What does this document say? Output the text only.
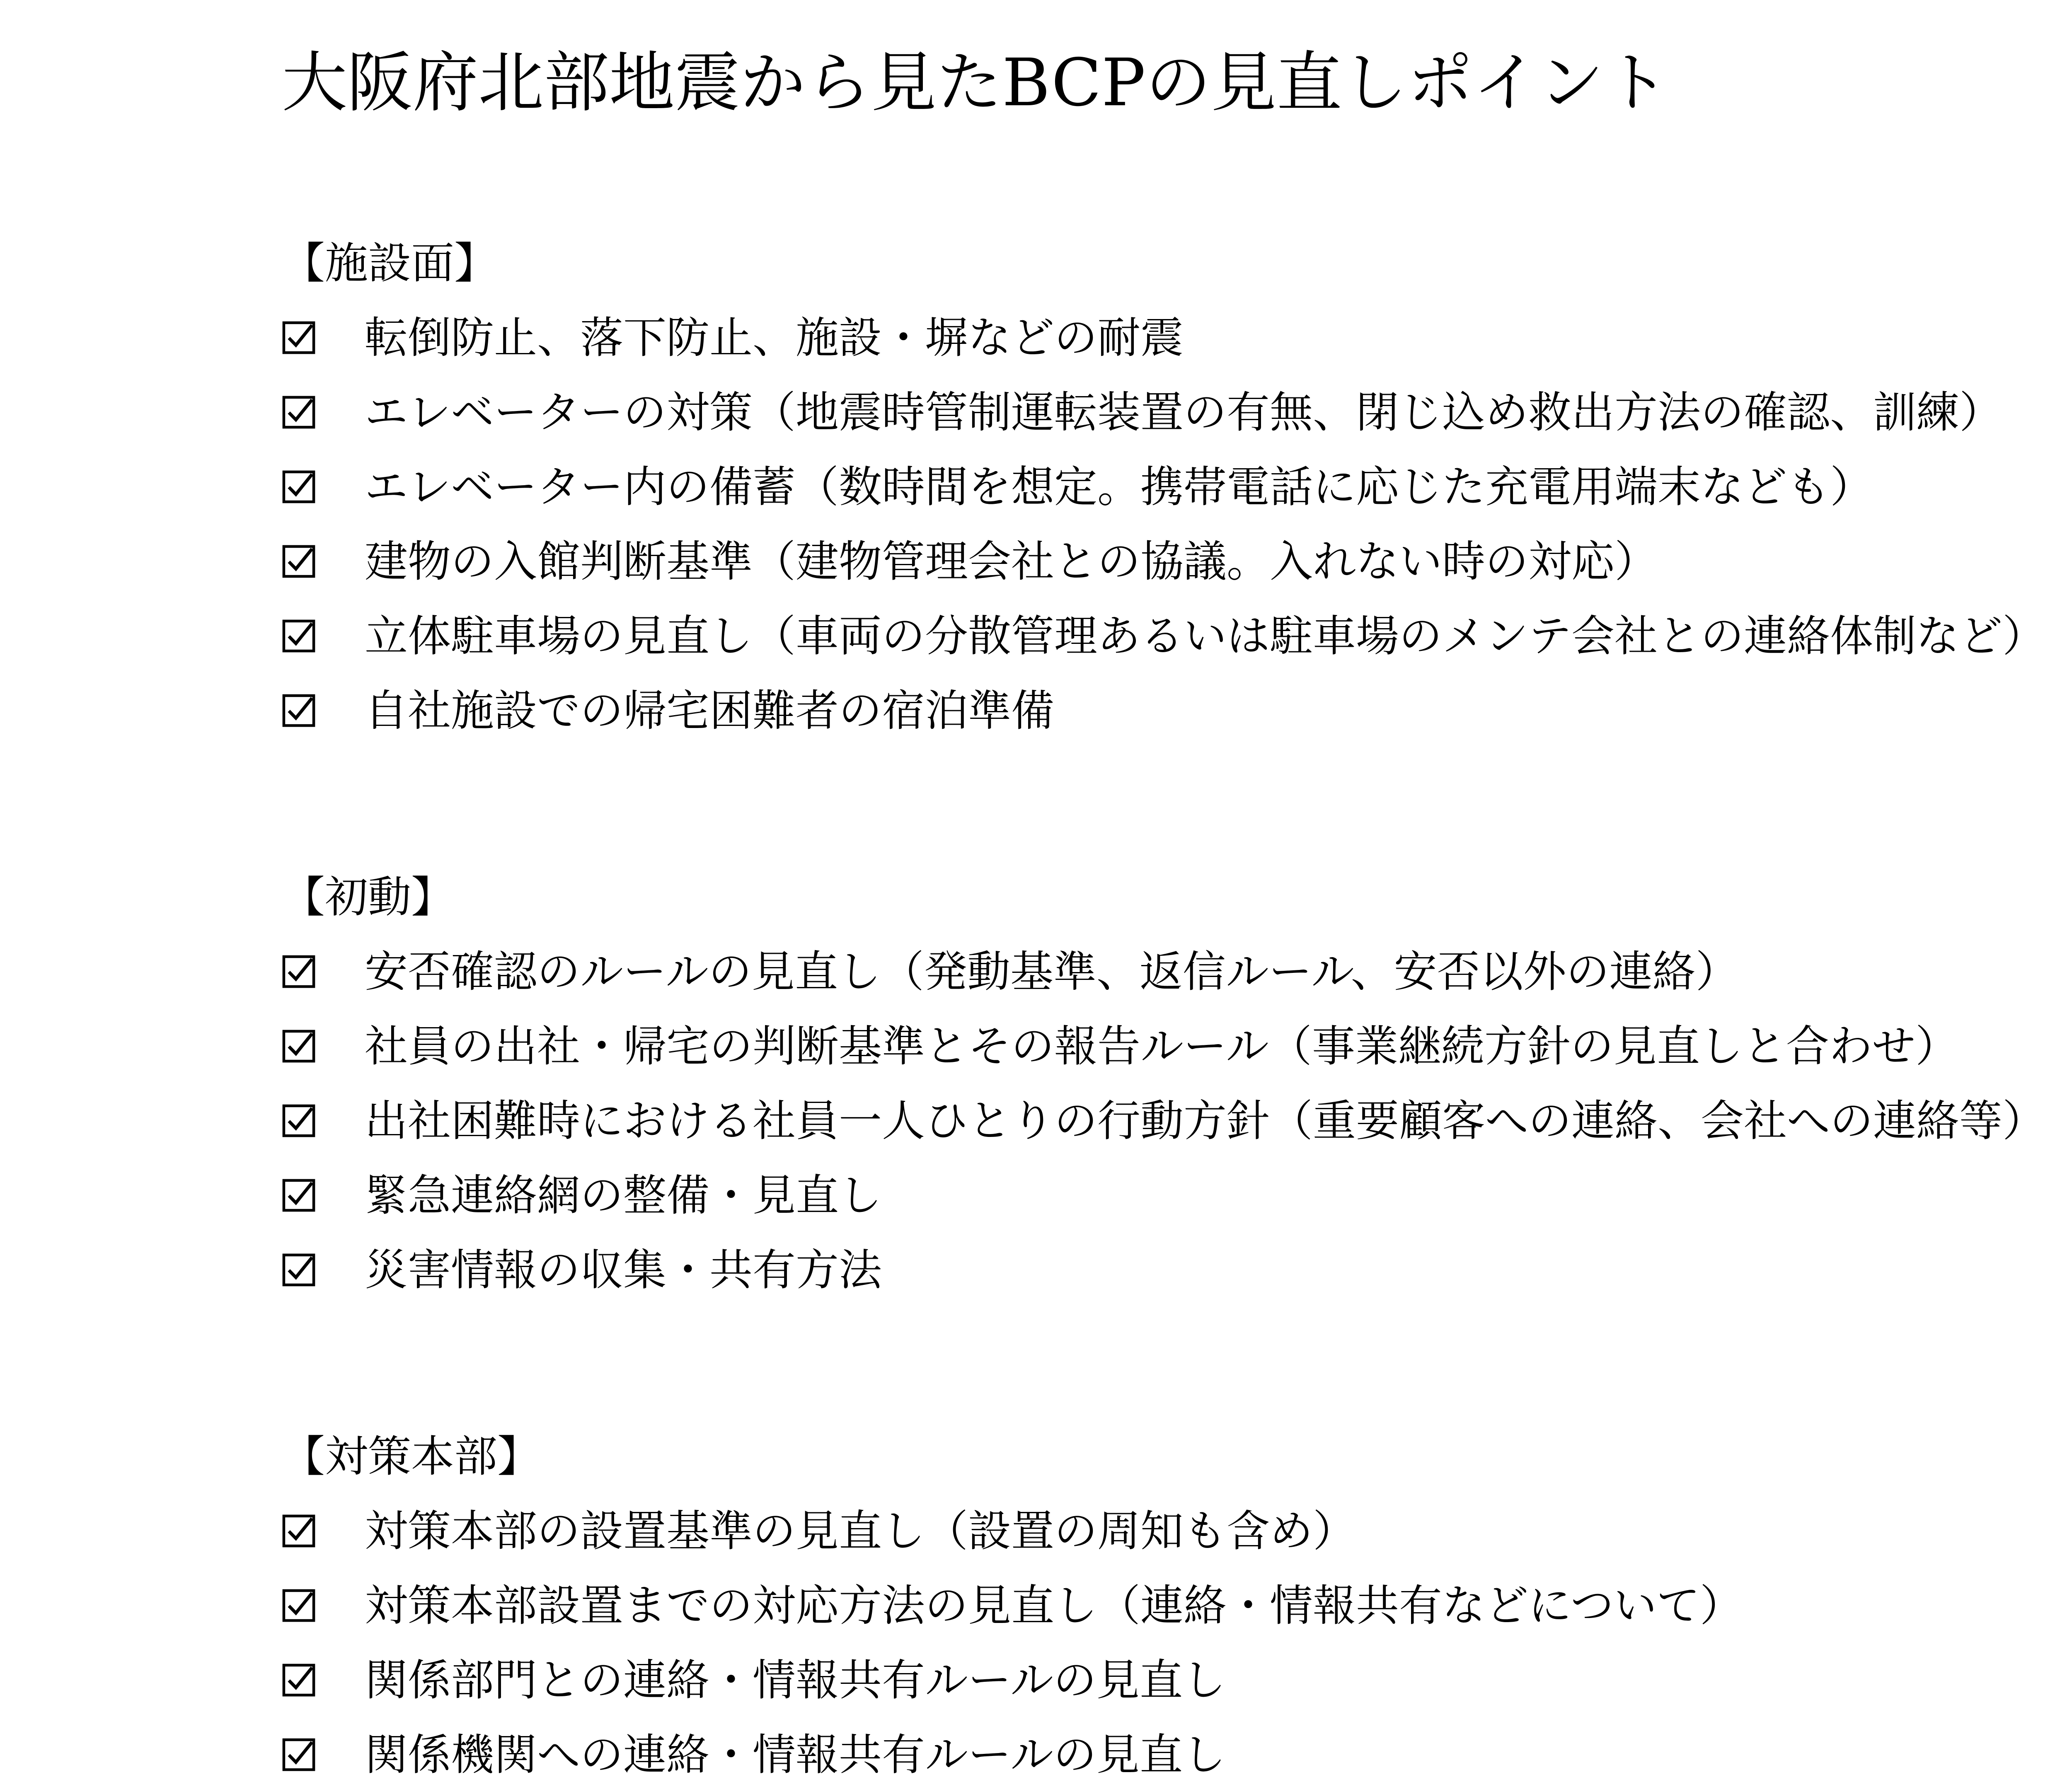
大阪府北部地震から見たBCPの見直しポイント
【施設面】
転倒防止、落下防止、施設・塀などの耐震
エレベーターの対策（地震時管制運転装置の有無、閉じ込め救出方法の確認、訓練）
エレベーター内の備蓄（数時間を想定。携帯電話に応じた充電用端末なども）
建物の入館判断基準（建物管理会社との協議。入れない時の対応）
立体駐車場の見直し（車両の分散管理あるいは駐車場のメンテ会社との連絡体制など）
自社施設での帰宅困難者の宿泊準備
【初動】
安否確認のルールの見直し（発動基準、返信ルール、安否以外の連絡）
社員の出社・帰宅の判断基準とその報告ルール（事業継続方針の見直しと合わせ）
出社困難時における社員一人ひとりの行動方針（重要顧客への連絡、会社への連絡等）
緊急連絡網の整備・見直し
災害情報の収集・共有方法
【対策本部】
対策本部の設置基準の見直し（設置の周知も含め）
対策本部設置までの対応方法の見直し（連絡・情報共有などについて）
関係部門との連絡・情報共有ルールの見直し
関係機関への連絡・情報共有ルールの見直し
